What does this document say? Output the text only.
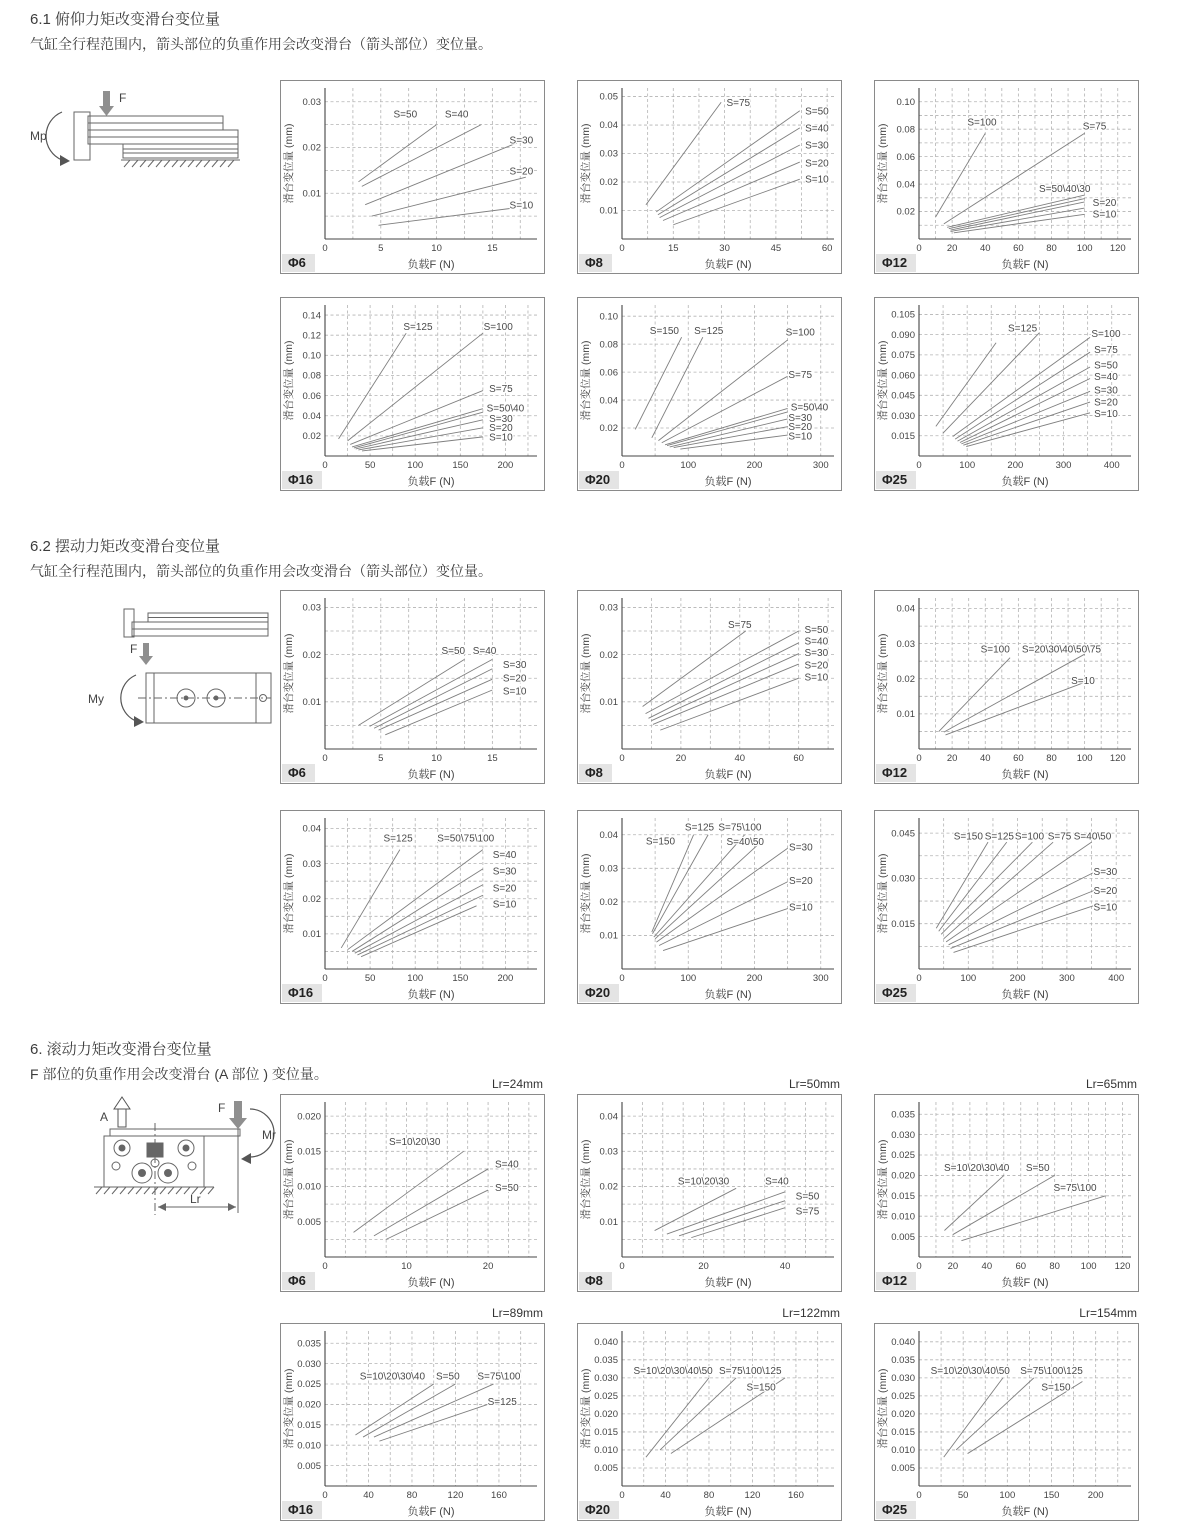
6.1 俯仰力矩改变滑台变位量
气缸全行程范围内，箭头部位的负重作用会改变滑台（箭头部位）变位量。
F
Mp
0	5	10	15
0.01
0.02
0.03
滑台变位量 (mm)
负载F (N)
S=50	S=40
S=30
S=20
S=10
Φ6
0	15	30	45	60
0.01
0.02
0.03
0.04
0.05
滑台变位量 (mm)
负载F (N)
S=75
S=50
S=40
S=30
S=20
S=10
Φ8
0	20 40 60 80 100 120
0.02
0.04
0.06
0.08
0.10
滑台变位量 (mm)
负载F (N)
S=100	S=75
S=50\40\30
S=20
S=10
Φ12
0	50	100	150	200
0.02
0.04
0.06
0.08
0.10
0.12
0.14
滑台变位量 (mm)
负载F (N)
S=125	S=100
S=75
S=50\40
S=30
S=20
S=10
Φ16
0	100	200	300
0.02
0.04
0.06
0.08
0.10
滑台变位量 (mm)
负载F (N)
S=150 S=125	S=100
S=75
S=50\40
S=30
S=20
S=10
Φ20
0	100	200	300	400
0.015
0.030
0.045
0.060
0.075
0.090
0.105
滑台变位量 (mm)
负载F (N)
S=125	S=100
S=75
S=50
S=40
S=30
S=20
S=10
Φ25
6.2 摆动力矩改变滑台变位量
气缸全行程范围内，箭头部位的负重作用会改变滑台（箭头部位）变位量。
F
My
0	5	10	15
0.01
0.02
0.03
滑台变位量 (mm)
负载F (N)
S=50 S=40
S=30
S=20
S=10
Φ6
0	20	40	60
0.01
0.02
0.03
滑台变位量 (mm)
负载F (N)
S=75	S=50
S=40
S=30
S=20
S=10
Φ8
0	20 40 60 80 100 120
0.01
0.02
0.03
0.04
滑台变位量 (mm)
负载F (N)
S=100 S=20\30\40\50\75
S=10
Φ12
0	50	100	150	200
0.01
0.02
0.03
0.04
滑台变位量 (mm)
负载F (N)
S=125 S=50\75\100
S=40
S=30
S=20
S=10
Φ16
0	100	200	300
0.01
0.02
0.03
0.04
滑台变位量 (mm)
负载F (N)
S=150
S=125 S=75\100
S=40\50	S=30
S=20
S=10
Φ20
0	100	200	300	400
0.015
0.030
0.045
滑台变位量 (mm)
负载F (N)
S=150 S=125 S=100 S=75 S=40\50
S=30
S=20
S=10
Φ25
6. 滚动力矩改变滑台变位量
F 部位的负重作用会改变滑台 (A 部位 ) 变位量。
A
F
Mr
Lr
Lr=24mm
0	10	20
0.005
0.010
0.015
0.020
滑台变位量 (mm)
负载F (N)
S=10\20\30
S=40
S=50
Φ6
Lr=50mm
0	20	40
0.01
0.02
0.03
0.04
滑台变位量 (mm)
负载F (N)
S=10\20\30	S=40
S=50
S=75
Φ8
Lr=65mm
0	20 40 60 80 100 120
0.005
0.010
0.015
0.020
0.025
0.030
0.035
滑台变位量 (mm)
负载F (N)
S=10\20\30\40 S=50
S=75\100
Φ12
Lr=89mm
0	40	80	120	160
0.005
0.010
0.015
0.020
0.025
0.030
0.035
滑台变位量 (mm)
负载F (N)
S=10\20\30\40 S=50 S=75\100
S=125
Φ16
Lr=122mm
0	40	80	120	160
0.005
0.010
0.015
0.020
0.025
0.030
0.035
0.040
滑台变位量 (mm)
负载F (N)
S=10\20\30\40\50 S=75\100\125
S=150
Φ20
Lr=154mm
0	50	100	150	200
0.005
0.010
0.015
0.020
0.025
0.030
0.035
0.040
滑台变位量 (mm)
负载F (N)
S=10\20\30\40\50 S=75\100\125
S=150
Φ25
